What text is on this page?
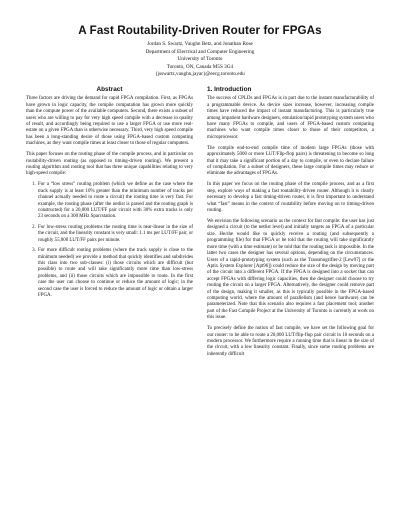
A Fast Routability-Driven Router for FPGAs
Jordan S. Swartz, Vaughn Betz, and Jonathan Rose
Department of Electrical and Computer Engineering
University of Toronto
Toronto, ON, Canada M5S 3G4
{jsswartz,vaughn,jayar}@eecg.toronto.edu
Abstract

Three factors are driving the demand for rapid FPGA compilation. First, as FPGAs have grown in logic capacity, the compile computation has grown more quickly than the compute power of the available computers. Second, there exists a subset of users who are willing to pay for very high speed compile with a decrease in quality of result, and accordingly being required to use a larger FPGA or use more real-estate on a given FPGA than is otherwise necessary. Third, very high speed compile has been a long-standing desire of those using FPGA-based custom computing machines, as they want compile times at least closer to those of regular computers.

This paper focuses on the routing phase of the compile process, and in particular on routability-driven routing (as opposed to timing-driven routing). We present a routing algorithm and routing tool that has three unique capabilities relating to very high-speed compile:

1. For a “low stress” routing problem (which we define as the case where the track supply is at least 10% greater than the minimum number of tracks per channel actually needed to route a circuit) the routing time is very fast. For example, the routing phase (after the netlist is parsed and the routing graph is constructed) for a 20,000 LUT/FF pair circuit with 30% extra tracks is only 23 seconds on a 300 MHz Sparcstation.
2. For low-stress routing problems the routing time is near-linear in the size of the circuit, and the linearity constant is very small: 1.1 ms per LUT/FF pair, or roughly 55,000 LUT/FF pairs per minute.
3. For more difficult routing problems (where the track supply is close to the minimum needed) we provide a method that quickly identifies and subdivides this class into two sub-classes: (i) those circuits which are difficult (but possible) to route and will take significantly more time than low-stress problems, and (ii) those circuits which are impossible to route. In the first case the user can choose to continue or reduce the amount of logic; in the second case the user is forced to reduce the amount of logic or obtain a larger FPGA.
1. Introduction

The success of CPLDs and FPGAs is in part due to the instant manufacturability of a programmable device. As device sizes increase, however, increasing compile times have reduced the impact of instant manufacturing. This is particularly true among impatient hardware designers, emulation/rapid prototyping system users who have many FPGAs to compile, and users of FPGA-based custom computing machines who want compile times closer to those of their competitors, a microprocessor.

The compile end-to-end compile time of modern large FPGAs (those with approximately 5000 or more LUT/Flip-flop pairs) is threatening to become so long that it may take a significant portion of a day to compile, or even to declare failure of compilation. For a subset of designers, these large compile times may reduce or eliminate the advantages of FPGAs.

In this paper we focus on the routing phase of the compile process, and as a first step, explore ways of making a fast routability-driven router. Although it is clearly necessary to develop a fast timing-driven router, it is first important to understand what “fast” means in the context of routability before moving on to timing-driven routing.

We envision the following scenario as the context for fast compile: the user has just designed a circuit (to the netlist level) and initially targets an FPGA of a particular size. He/she would like to quickly receive a routing (and subsequently a programming file) for that FPGA or be told that the routing will take significantly more time (with a time estimate) or be told that the routing task is impossible. In the latter two cases the designer has several options, depending on the circumstances. Users of a rapid-prototyping system (such as the Transmogrifier-2 [Lew97] or the Aptix System Explorer [Apt96]) could reduce the size of the design by moving part of the circuit into a different FPGA. If the FPGA is designed into a socket that can accept FPGAs with differing logic capacities, then the designer could choose to try routing the circuit on a larger FPGA. Alternatively, the designer could remove part of the design, making it smaller, as this is typically possible in the FPGA-based computing world, where the amount of parallelism (and hence hardware) can be parameterized. Note that this scenario also requires a fast placement tool; another part of the Fast Compile Project at the University of Toronto is currently at work on this issue.

To precisely define the notion of fast compile, we have set the following goal for our router: to be able to route a 20,000 LUT/flip-flop pair circuit in 10 seconds on a modern processor. We furthermore require a running time that is linear in the size of the circuit, with a low linearity constant. Finally, since some routing problems are inherently difficult
